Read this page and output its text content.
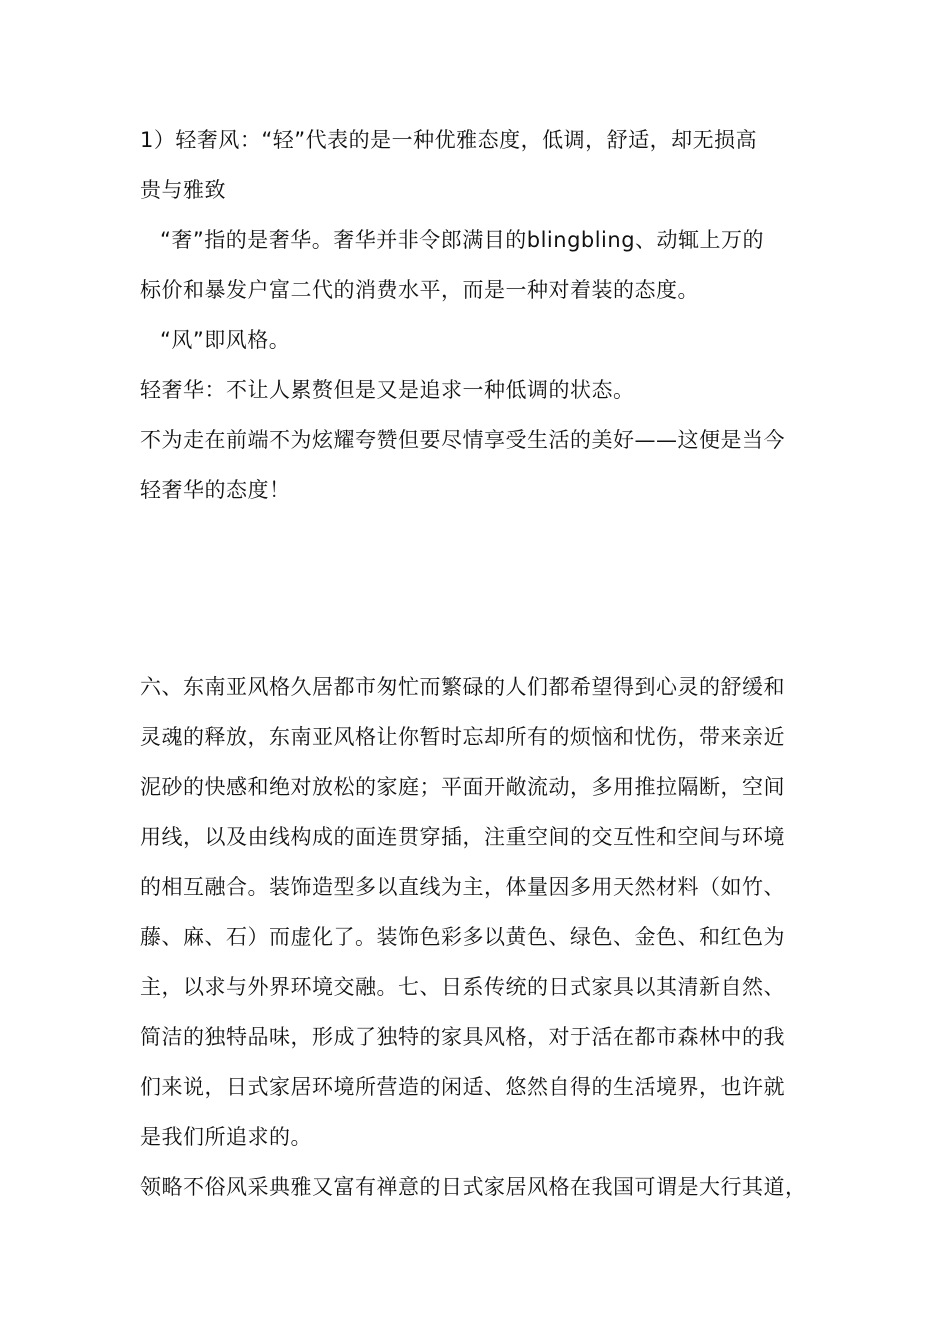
1）轻奢风：“轻”代表的是一种优雅态度，低调，舒适，却无损高

贵与雅致

“奢”指的是奢华。奢华并非令郎满目的blingbling、动辄上万的

标价和暴发户富二代的消费水平，而是一种对着装的态度。

“风”即风格。

轻奢华：不让人累赘但是又是追求一种低调的状态。

不为走在前端不为炫耀夸赞但要尽情享受生活的美好——这便是当今

轻奢华的态度！

六、东南亚风格久居都市匆忙而繁碌的人们都希望得到心灵的舒缓和

灵魂的释放，东南亚风格让你暂时忘却所有的烦恼和忧伤，带来亲近

泥砂的快感和绝对放松的家庭；平面开敞流动，多用推拉隔断，空间

用线，以及由线构成的面连贯穿插，注重空间的交互性和空间与环境

的相互融合。装饰造型多以直线为主，体量因多用天然材料（如竹、

藤、麻、石）而虚化了。装饰色彩多以黄色、绿色、金色、和红色为

主，以求与外界环境交融。七、日系传统的日式家具以其清新自然、

简洁的独特品味，形成了独特的家具风格，对于活在都市森林中的我

们来说，日式家居环境所营造的闲适、悠然自得的生活境界，也许就

是我们所追求的。

领略不俗风采典雅又富有禅意的日式家居风格在我国可谓是大行其道，
